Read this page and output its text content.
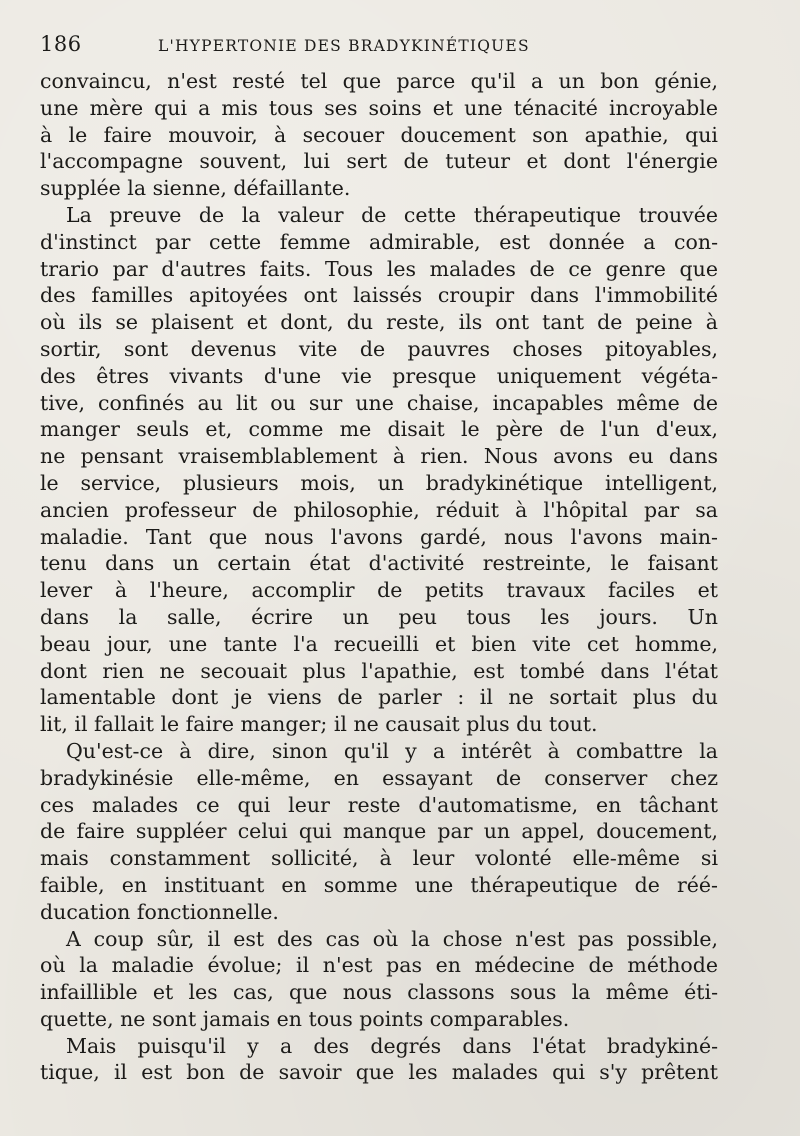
186	L'HYPERTONIE DES BRADYKINÉTIQUES
convaincu, n'est resté tel que parce qu'il a un bon génie,
une mère qui a mis tous ses soins et une ténacité incroyable
à le faire mouvoir, à secouer doucement son apathie, qui
l'accompagne souvent, lui sert de tuteur et dont l'énergie
supplée la sienne, défaillante.
La preuve de la valeur de cette thérapeutique trouvée
d'instinct par cette femme admirable, est donnée a con-
trario par d'autres faits. Tous les malades de ce genre que
des familles apitoyées ont laissés croupir dans l'immobilité
où ils se plaisent et dont, du reste, ils ont tant de peine à
sortir, sont devenus vite de pauvres choses pitoyables,
des êtres vivants d'une vie presque uniquement végéta-
tive, confinés au lit ou sur une chaise, incapables même de
manger seuls et, comme me disait le père de l'un d'eux,
ne pensant vraisemblablement à rien. Nous avons eu dans
le service, plusieurs mois, un bradykinétique intelligent,
ancien professeur de philosophie, réduit à l'hôpital par sa
maladie. Tant que nous l'avons gardé, nous l'avons main-
tenu dans un certain état d'activité restreinte, le faisant
lever à l'heure, accomplir de petits travaux faciles et
dans la salle, écrire un peu tous les jours. Un
beau jour, une tante l'a recueilli et bien vite cet homme,
dont rien ne secouait plus l'apathie, est tombé dans l'état
lamentable dont je viens de parler : il ne sortait plus du
lit, il fallait le faire manger; il ne causait plus du tout.
Qu'est-ce à dire, sinon qu'il y a intérêt à combattre la
bradykinésie elle-même, en essayant de conserver chez
ces malades ce qui leur reste d'automatisme, en tâchant
de faire suppléer celui qui manque par un appel, doucement,
mais constamment sollicité, à leur volonté elle-même si
faible, en instituant en somme une thérapeutique de réé-
ducation fonctionnelle.
A coup sûr, il est des cas où la chose n'est pas possible,
où la maladie évolue; il n'est pas en médecine de méthode
infaillible et les cas, que nous classons sous la même éti-
quette, ne sont jamais en tous points comparables.
Mais puisqu'il y a des degrés dans l'état bradykiné-
tique, il est bon de savoir que les malades qui s'y prêtent
